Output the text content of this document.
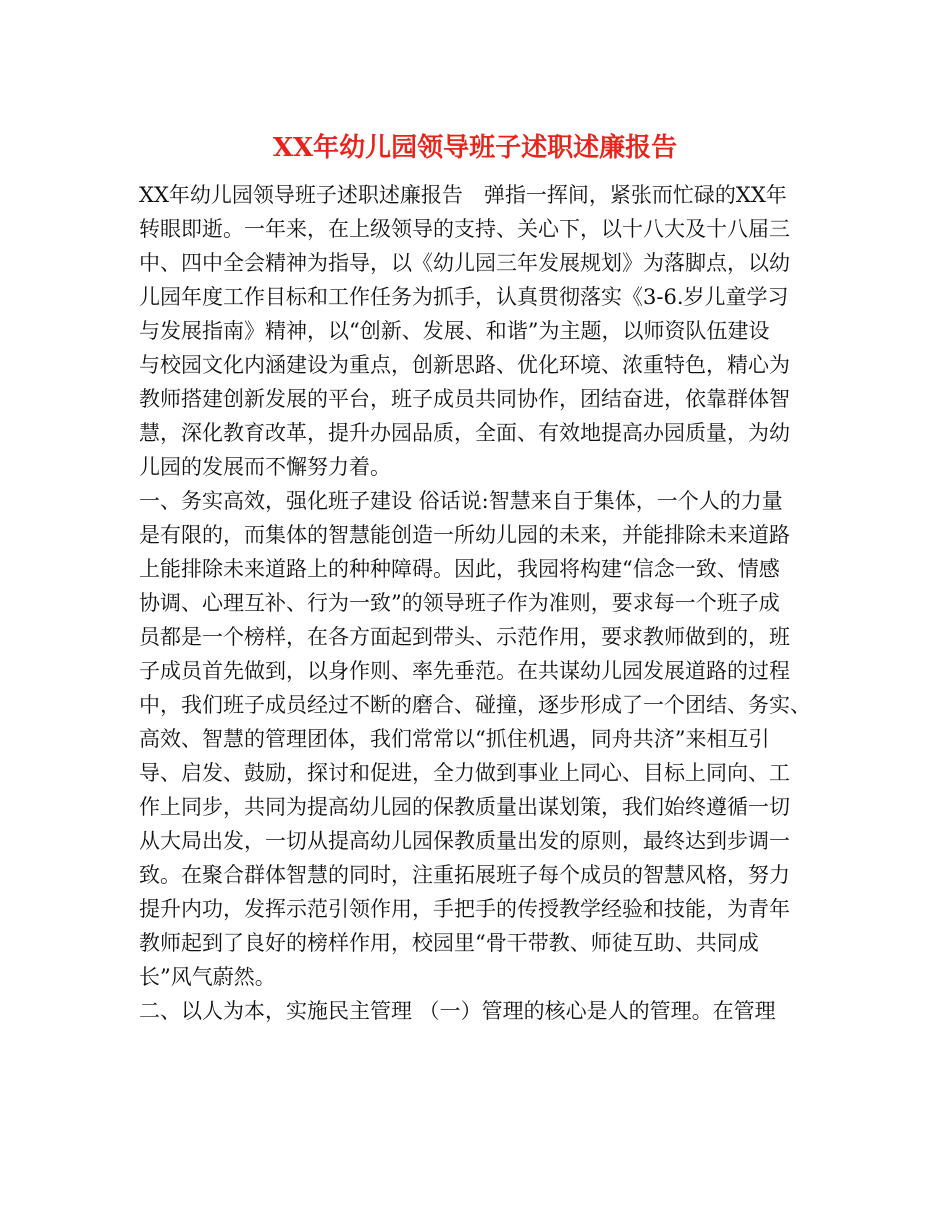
XX年幼儿园领导班子述职述廉报告
XX年幼儿园领导班子述职述廉报告　弹指一挥间，紧张而忙碌的XX年
转眼即逝。一年来，在上级领导的支持、关心下，以十八大及十八届三
中、四中全会精神为指导，以《幼儿园三年发展规划》为落脚点，以幼
儿园年度工作目标和工作任务为抓手，认真贯彻落实《3-6.岁儿童学习
与发展指南》精神，以“创新、发展、和谐”为主题，以师资队伍建设
与校园文化内涵建设为重点，创新思路、优化环境、浓重特色，精心为
教师搭建创新发展的平台，班子成员共同协作，团结奋进，依靠群体智
慧，深化教育改革，提升办园品质，全面、有效地提高办园质量，为幼
儿园的发展而不懈努力着。
一、务实高效，强化班子建设 俗话说:智慧来自于集体，一个人的力量
是有限的，而集体的智慧能创造一所幼儿园的未来，并能排除未来道路
上能排除未来道路上的种种障碍。因此，我园将构建“信念一致、情感
协调、心理互补、行为一致”的领导班子作为准则，要求每一个班子成
员都是一个榜样，在各方面起到带头、示范作用，要求教师做到的，班
子成员首先做到，以身作则、率先垂范。在共谋幼儿园发展道路的过程
中，我们班子成员经过不断的磨合、碰撞，逐步形成了一个团结、务实、
高效、智慧的管理团体，我们常常以“抓住机遇，同舟共济”来相互引
导、启发、鼓励，探讨和促进，全力做到事业上同心、目标上同向、工
作上同步，共同为提高幼儿园的保教质量出谋划策，我们始终遵循一切
从大局出发，一切从提高幼儿园保教质量出发的原则，最终达到步调一
致。在聚合群体智慧的同时，注重拓展班子每个成员的智慧风格，努力
提升内功，发挥示范引领作用，手把手的传授教学经验和技能，为青年
教师起到了良好的榜样作用，校园里“骨干带教、师徒互助、共同成
长”风气蔚然。
二、以人为本，实施民主管理 （一）管理的核心是人的管理。在管理
